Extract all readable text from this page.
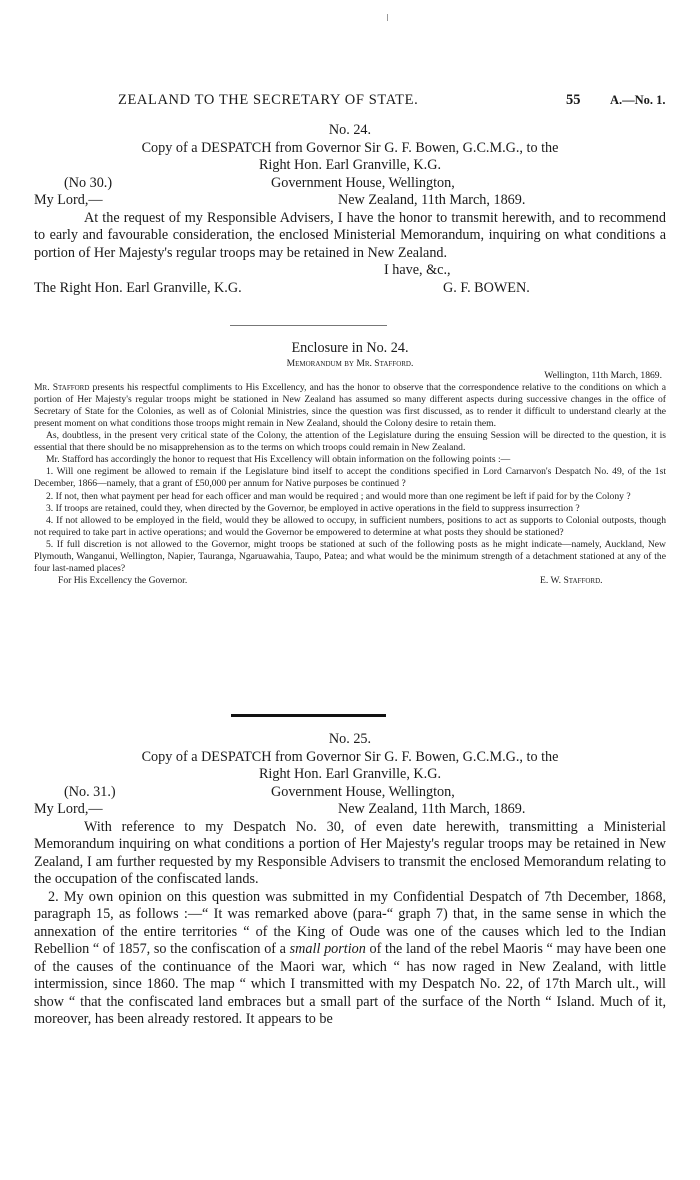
ZEALAND TO THE SECRETARY OF STATE.	55 A.—No. 1.
No. 24.
Copy of a DESPATCH from Governor Sir G. F. Bowen, G.C.M.G., to the
Right Hon. Earl Granville, K.G.
(No 30.)	Government House, Wellington,
My Lord,—	New Zealand, 11th March, 1869.

At the request of my Responsible Advisers, I have the honor to transmit herewith, and to recommend to early and favourable consideration, the enclosed Ministerial Memorandum, inquiring on what conditions a portion of Her Majesty's regular troops may be retained in New Zealand.

I have, &c.,
The Right Hon. Earl Granville, K.G.	G. F. BOWEN.
Enclosure in No. 24.
Memorandum by Mr. Stafford.
Wellington, 11th March, 1869.

Mr. Stafford presents his respectful compliments to His Excellency, and has the honor to observe that the correspondence relative to the conditions on which a portion of Her Majesty's regular troops might be stationed in New Zealand has assumed so many different aspects during successive changes in the office of Secretary of State for the Colonies, as well as of Colonial Ministries, since the question was first discussed, as to render it difficult to understand clearly at the present moment on what conditions those troops might remain in New Zealand, should the Colony desire to retain them.

As, doubtless, in the present very critical state of the Colony, the attention of the Legislature during the ensuing Session will be directed to the question, it is essential that there should be no misapprehension as to the terms on which troops could remain in New Zealand.

Mr. Stafford has accordingly the honor to request that His Excellency will obtain information on the following points :—

1. Will one regiment be allowed to remain if the Legislature bind itself to accept the conditions specified in Lord Carnarvon's Despatch No. 49, of the 1st December, 1866—namely, that a grant of £50,000 per annum for Native purposes be continued ?

2. If not, then what payment per head for each officer and man would be required ; and would more than one regiment be left if paid for by the Colony ?

3. If troops are retained, could they, when directed by the Governor, be employed in active operations in the field to suppress insurrection ?

4. If not allowed to be employed in the field, would they be allowed to occupy, in sufficient numbers, positions to act as supports to Colonial outposts, though not required to take part in active operations; and would the Governor be empowered to determine at what posts they should be stationed?

5. If full discretion is not allowed to the Governor, might troops be stationed at such of the following posts as he might indicate—namely, Auckland, New Plymouth, Wanganui, Wellington, Napier, Tauranga, Ngaruawahia, Taupo, Patea; and what would be the minimum strength of a detachment stationed at any of the four last-named places?

For His Excellency the Governor.	E. W. Stafford.
No. 25.
Copy of a DESPATCH from Governor Sir G. F. Bowen, G.C.M.G., to the
Right Hon. Earl Granville, K.G.
(No. 31.)	Government House, Wellington,
My Lord,—	New Zealand, 11th March, 1869.

With reference to my Despatch No. 30, of even date herewith, transmitting a Ministerial Memorandum inquiring on what conditions a portion of Her Majesty's regular troops may be retained in New Zealand, I am further requested by my Responsible Advisers to transmit the enclosed Memorandum relating to the occupation of the confiscated lands.

2. My own opinion on this question was submitted in my Confidential Despatch of 7th December, 1868, paragraph 15, as follows :—“ It was remarked above (para-“ graph 7) that, in the same sense in which the annexation of the entire territories “ of the King of Oude was one of the causes which led to the Indian Rebellion “ of 1857, so the confiscation of a small portion of the land of the rebel Maoris “ may have been one of the causes of the continuance of the Maori war, which “ has now raged in New Zealand, with little intermission, since 1860. The map “ which I transmitted with my Despatch No. 22, of 17th March ult., will show “ that the confiscated land embraces but a small part of the surface of the North “ Island. Much of it, moreover, has been already restored. It appears to be
